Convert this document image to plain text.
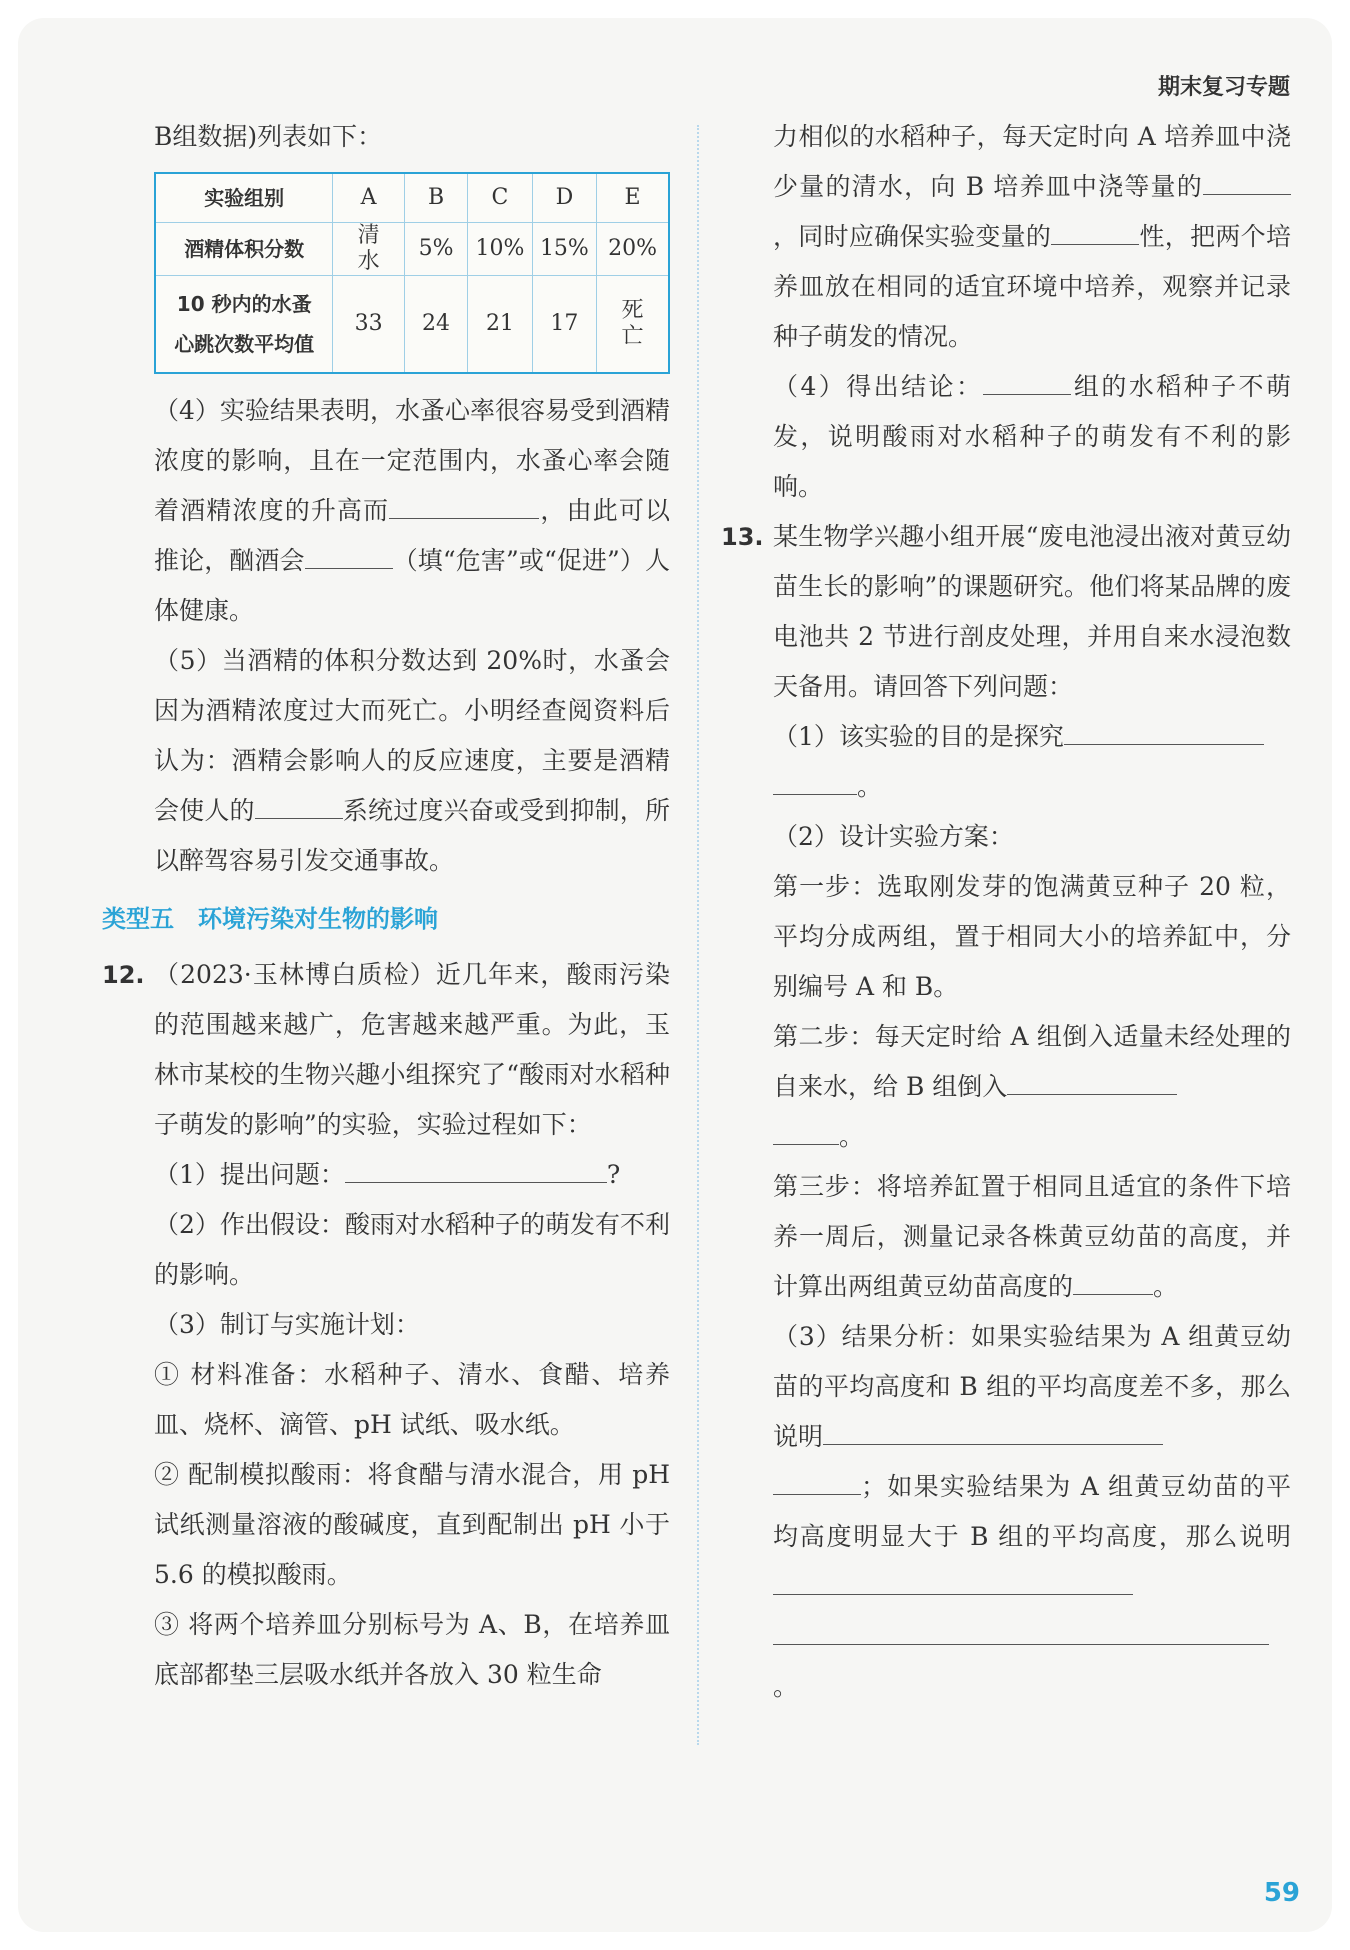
期末复习专题

B组数据)列表如下：

实验组别	A	B	C	D	E
酒精体积分数	清　水	5%	10%	15%	20%
10 秒内的水蚤
心跳次数平均值	33	24	21	17	死　亡

（4）实验结果表明，水蚤心率很容易受到酒精浓度的影响，且在一定范围内，水蚤心率会随着酒精浓度的升高而	，由此可以推论，酗酒会	（填“危害”或“促进”）人体健康。

（5）当酒精的体积分数达到 20%时，水蚤会因为酒精浓度过大而死亡。小明经查阅资料后认为：酒精会影响人的反应速度，主要是酒精会使人的	系统过度兴奋或受到抑制，所以醉驾容易引发交通事故。

类型五　环境污染对生物的影响
12. （2023·玉林博白质检）近几年来，酸雨污染的范围越来越广，危害越来越严重。为此，玉林市某校的生物兴趣小组探究了“酸雨对水稻种子萌发的影响”的实验，实验过程如下：

（1）提出问题：	?

（2）作出假设：酸雨对水稻种子的萌发有不利的影响。

（3）制订与实施计划：

① 材料准备：水稻种子、清水、食醋、培养皿、烧杯、滴管、pH 试纸、吸水纸。

② 配制模拟酸雨：将食醋与清水混合，用 pH 试纸测量溶液的酸碱度，直到配制出 pH 小于 5.6 的模拟酸雨。

③ 将两个培养皿分别标号为 A、B，在培养皿底部都垫三层吸水纸并各放入 30 粒生命

力相似的水稻种子，每天定时向 A 培养皿中浇少量的清水，向 B 培养皿中浇等量的，同时应确保实验变量的	性，把两个培养皿放在相同的适宜环境中培养，观察并记录种子萌发的情况。

（4）得出结论：	组的水稻种子不萌发，说明酸雨对水稻种子的萌发有不利的影响。

13. 某生物学兴趣小组开展“废电池浸出液对黄豆幼苗生长的影响”的课题研究。他们将某品牌的废电池共 2 节进行剖皮处理，并用自来水浸泡数天备用。请回答下列问题：

（1）该实验的目的是探究
。

（2）设计实验方案：

第一步：选取刚发芽的饱满黄豆种子 20 粒，平均分成两组，置于相同大小的培养缸中，分别编号 A 和 B。

第二步：每天定时给 A 组倒入适量未经处理的自来水，给 B 组倒入
。

第三步：将培养缸置于相同且适宜的条件下培养一周后，测量记录各株黄豆幼苗的高度，并计算出两组黄豆幼苗高度的	。

（3）结果分析：如果实验结果为 A 组黄豆幼苗的平均高度和 B 组的平均高度差不多，那么说明
；如果实验结果为 A 组黄豆幼苗的平均高度明显大于 B 组的平均高度，那么说明
。

59
